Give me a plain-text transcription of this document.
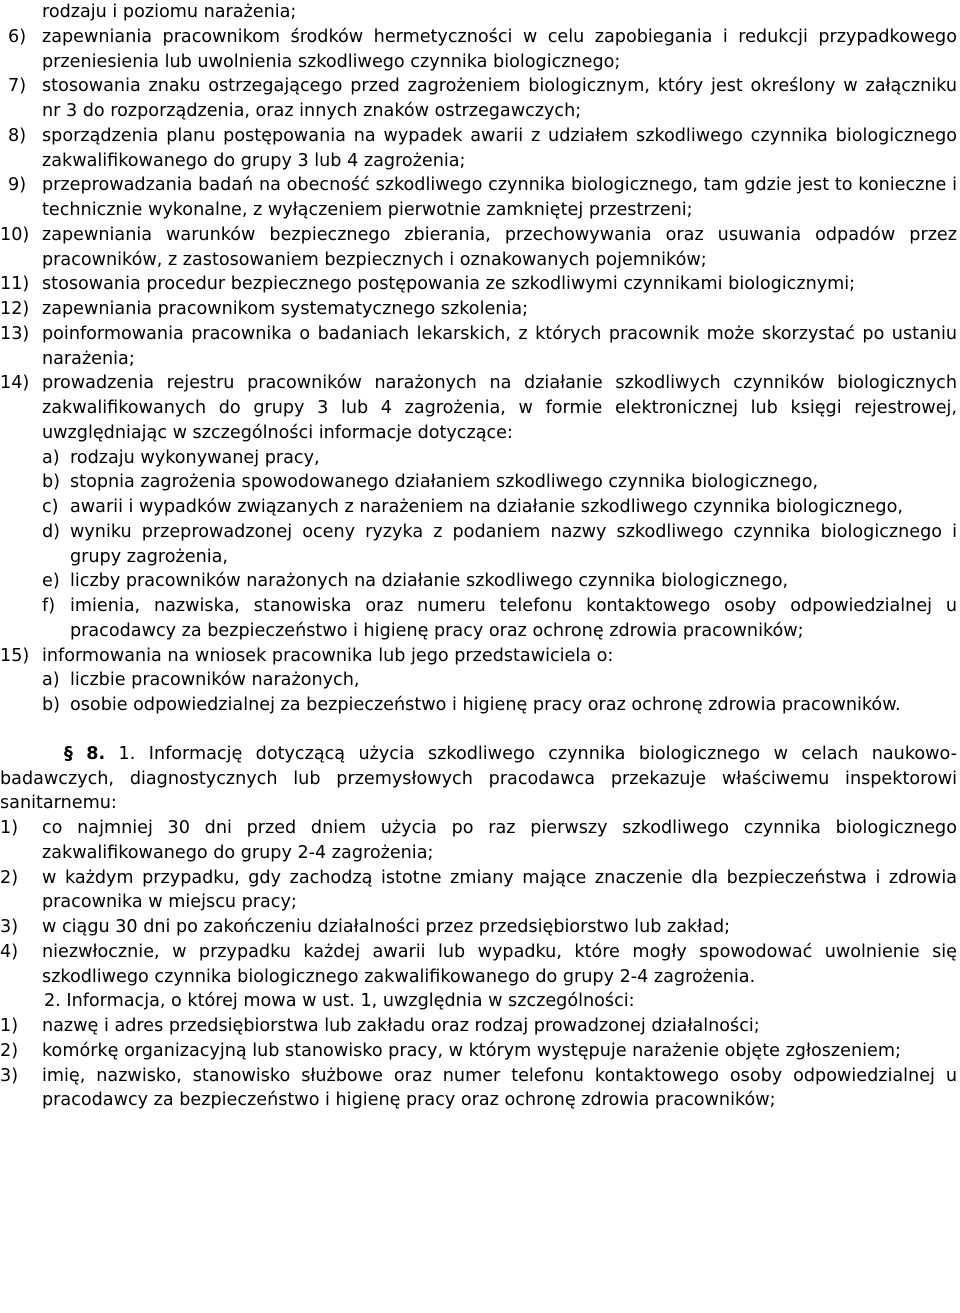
rodzaju i poziomu narażenia;

6) zapewniania pracownikom środków hermetyczności w celu zapobiegania i redukcji przypadkowego przeniesienia lub uwolnienia szkodliwego czynnika biologicznego;
7) stosowania znaku ostrzegającego przed zagrożeniem biologicznym, który jest określony w załączniku nr 3 do rozporządzenia, oraz innych znaków ostrzegawczych;
8) sporządzenia planu postępowania na wypadek awarii z udziałem szkodliwego czynnika biologicznego zakwalifikowanego do grupy 3 lub 4 zagrożenia;
9) przeprowadzania badań na obecność szkodliwego czynnika biologicznego, tam gdzie jest to konieczne i technicznie wykonalne, z wyłączeniem pierwotnie zamkniętej przestrzeni;
10) zapewniania warunków bezpiecznego zbierania, przechowywania oraz usuwania odpadów przez pracowników, z zastosowaniem bezpiecznych i oznakowanych pojemników;
11) stosowania procedur bezpiecznego postępowania ze szkodliwymi czynnikami biologicznymi;
12) zapewniania pracownikom systematycznego szkolenia;
13) poinformowania pracownika o badaniach lekarskich, z których pracownik może skorzystać po ustaniu narażenia;
14) prowadzenia rejestru pracowników narażonych na działanie szkodliwych czynników biologicznych zakwalifikowanych do grupy 3 lub 4 zagrożenia, w formie elektronicznej lub księgi rejestrowej, uwzględniając w szczególności informacje dotyczące:
a) rodzaju wykonywanej pracy,
b) stopnia zagrożenia spowodowanego działaniem szkodliwego czynnika biologicznego,
c) awarii i wypadków związanych z narażeniem na działanie szkodliwego czynnika biologicznego,
d) wyniku przeprowadzonej oceny ryzyka z podaniem nazwy szkodliwego czynnika biologicznego i grupy zagrożenia,
e) liczby pracowników narażonych na działanie szkodliwego czynnika biologicznego,
f) imienia, nazwiska, stanowiska oraz numeru telefonu kontaktowego osoby odpowiedzialnej u pracodawcy za bezpieczeństwo i higienę pracy oraz ochronę zdrowia pracowników;
15) informowania na wniosek pracownika lub jego przedstawiciela o:
a) liczbie pracowników narażonych,
b) osobie odpowiedzialnej za bezpieczeństwo i higienę pracy oraz ochronę zdrowia pracowników.

§ 8. 1. Informację dotyczącą użycia szkodliwego czynnika biologicznego w celach naukowo-badawczych, diagnostycznych lub przemysłowych pracodawca przekazuje właściwemu inspektorowi sanitarnemu:

1)	co najmniej 30 dni przed dniem użycia po raz pierwszy szkodliwego czynnika biologicznego zakwalifikowanego do grupy 2-4 zagrożenia;
2)	w każdym przypadku, gdy zachodzą istotne zmiany mające znaczenie dla bezpieczeństwa i zdrowia pracownika w miejscu pracy;
3)	w ciągu 30 dni po zakończeniu działalności przez przedsiębiorstwo lub zakład;
4)	niezwłocznie, w przypadku każdej awarii lub wypadku, które mogły spowodować uwolnienie się szkodliwego czynnika biologicznego zakwalifikowanego do grupy 2-4 zagrożenia.

2. Informacja, o której mowa w ust. 1, uwzględnia w szczególności:

1)	nazwę i adres przedsiębiorstwa lub zakładu oraz rodzaj prowadzonej działalności;
2)	komórkę organizacyjną lub stanowisko pracy, w którym występuje narażenie objęte zgłoszeniem;
3)	imię, nazwisko, stanowisko służbowe oraz numer telefonu kontaktowego osoby odpowiedzialnej u pracodawcy za bezpieczeństwo i higienę pracy oraz ochronę zdrowia pracowników;
